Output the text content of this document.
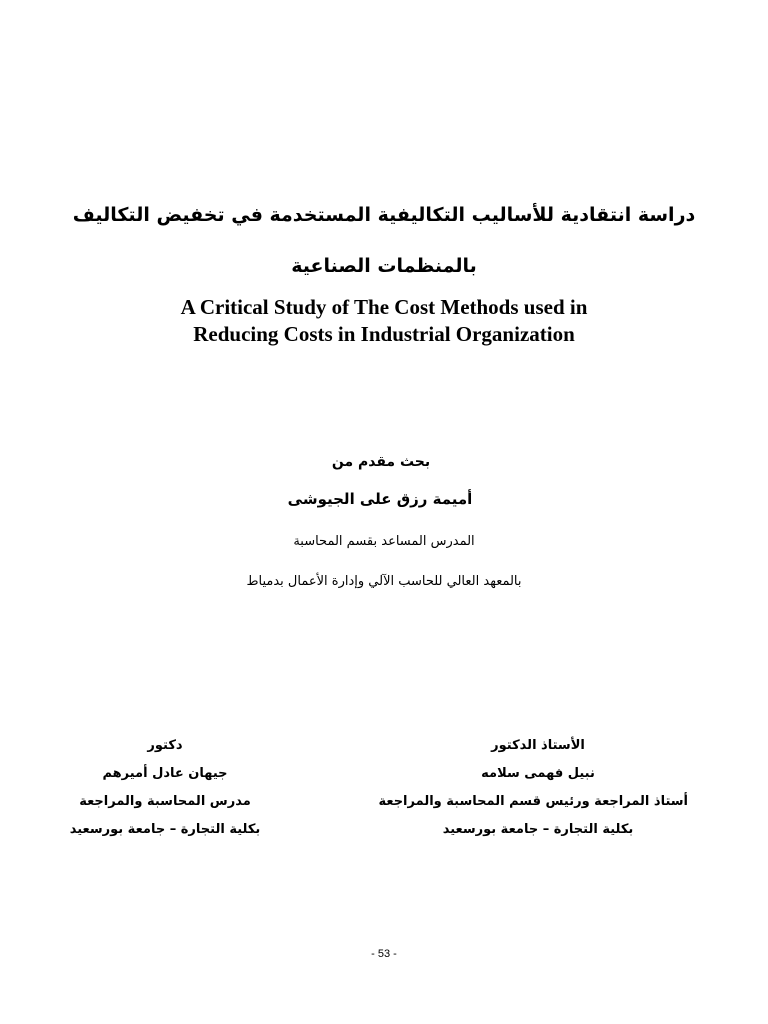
دراسة انتقادية للأساليب التكاليفية المستخدمة في تخفيض التكاليف
بالمنظمات الصناعية
A Critical Study of The Cost Methods used in
Reducing Costs in Industrial Organization
بحث مقدم من
أميمة رزق على الجيوشى
المدرس المساعد بقسم المحاسبة
بالمعهد العالي للحاسب الآلي وإدارة الأعمال بدمياط
الأستاذ الدكتور
نبيل فهمى سلامه
أستاذ المراجعة ورئيس قسم المحاسبة والمراجعة
بكلية التجارة – جامعة بورسعيد
دكتور
جيهان عادل أميرهم
مدرس المحاسبة والمراجعة
بكلية التجارة – جامعة بورسعيد
- 53 -
